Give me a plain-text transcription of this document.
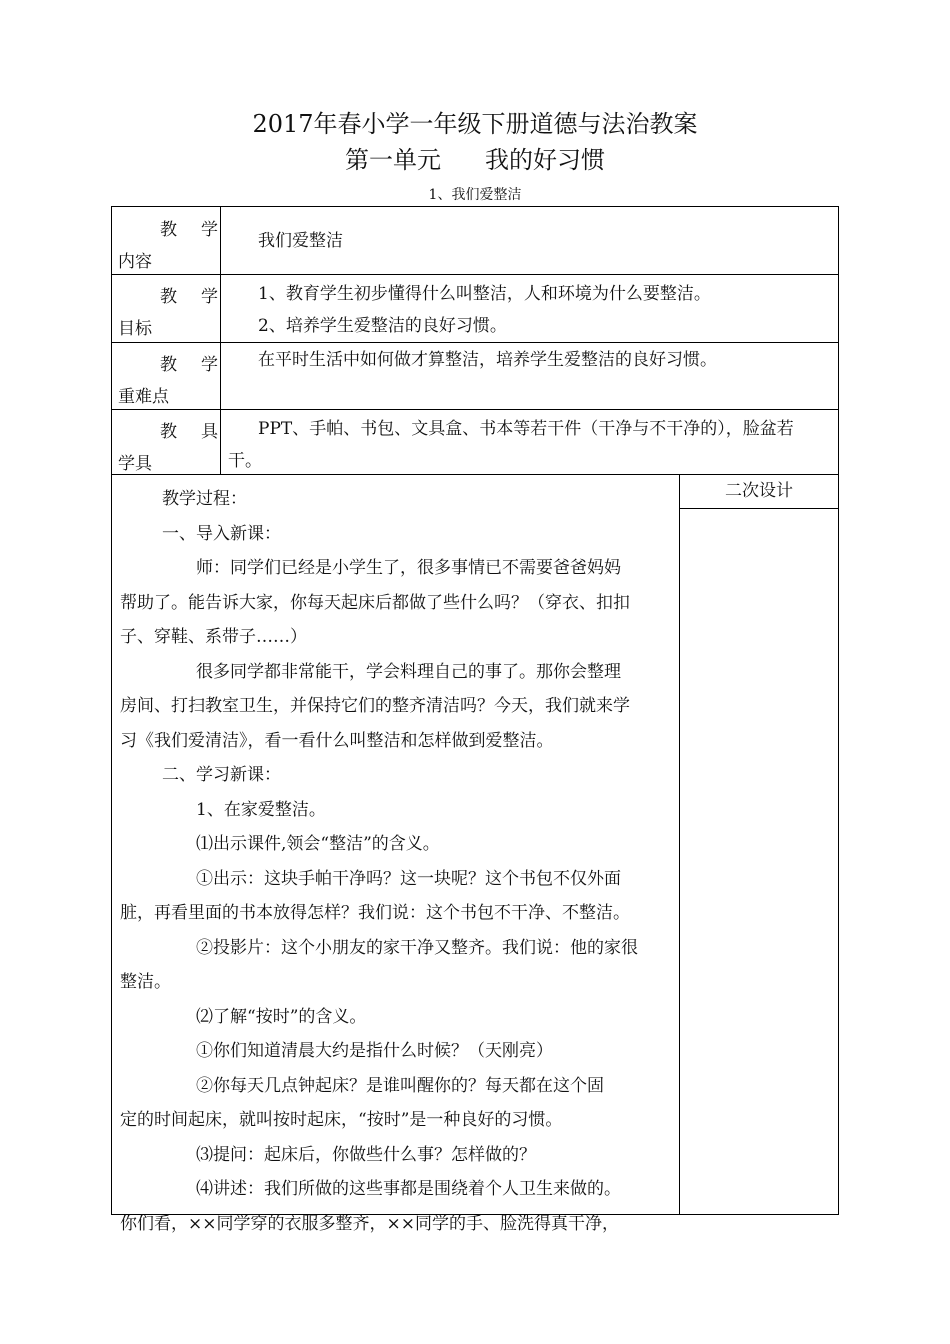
2017年春小学一年级下册道德与法治教案
第一单元 我的好习惯
1、我们爱整洁
教学
内容
我们爱整洁
教学
目标
1、教育学生初步懂得什么叫整洁，人和环境为什么要整洁。
2、培养学生爱整洁的良好习惯。
教学
重难点
在平时生活中如何做才算整洁，培养学生爱整洁的良好习惯。
教具
学具
PPT、手帕、书包、文具盒、书本等若干件（干净与不干净的），脸盆若
干。
教学过程：
一、导入新课：
师：同学们已经是小学生了，很多事情已不需要爸爸妈妈
帮助了。能告诉大家，你每天起床后都做了些什么吗？（穿衣、扣扣
子、穿鞋、系带子……）
很多同学都非常能干，学会料理自己的事了。那你会整理
房间、打扫教室卫生，并保持它们的整齐清洁吗？今天，我们就来学
习《我们爱清洁》，看一看什么叫整洁和怎样做到爱整洁。
二、学习新课：
1、在家爱整洁。
⑴出示课件,领会“整洁”的含义。
①出示：这块手帕干净吗？这一块呢？这个书包不仅外面
脏，再看里面的书本放得怎样？我们说：这个书包不干净、不整洁。
②投影片：这个小朋友的家干净又整齐。我们说：他的家很
整洁。
⑵了解“按时”的含义。
①你们知道清晨大约是指什么时候？（天刚亮）
②你每天几点钟起床？是谁叫醒你的？每天都在这个固
定的时间起床，就叫按时起床，“按时”是一种良好的习惯。
⑶提问：起床后，你做些什么事？怎样做的？
⑷讲述：我们所做的这些事都是围绕着个人卫生来做的。
你们看，××同学穿的衣服多整齐，××同学的手、脸洗得真干净，
二次设计
